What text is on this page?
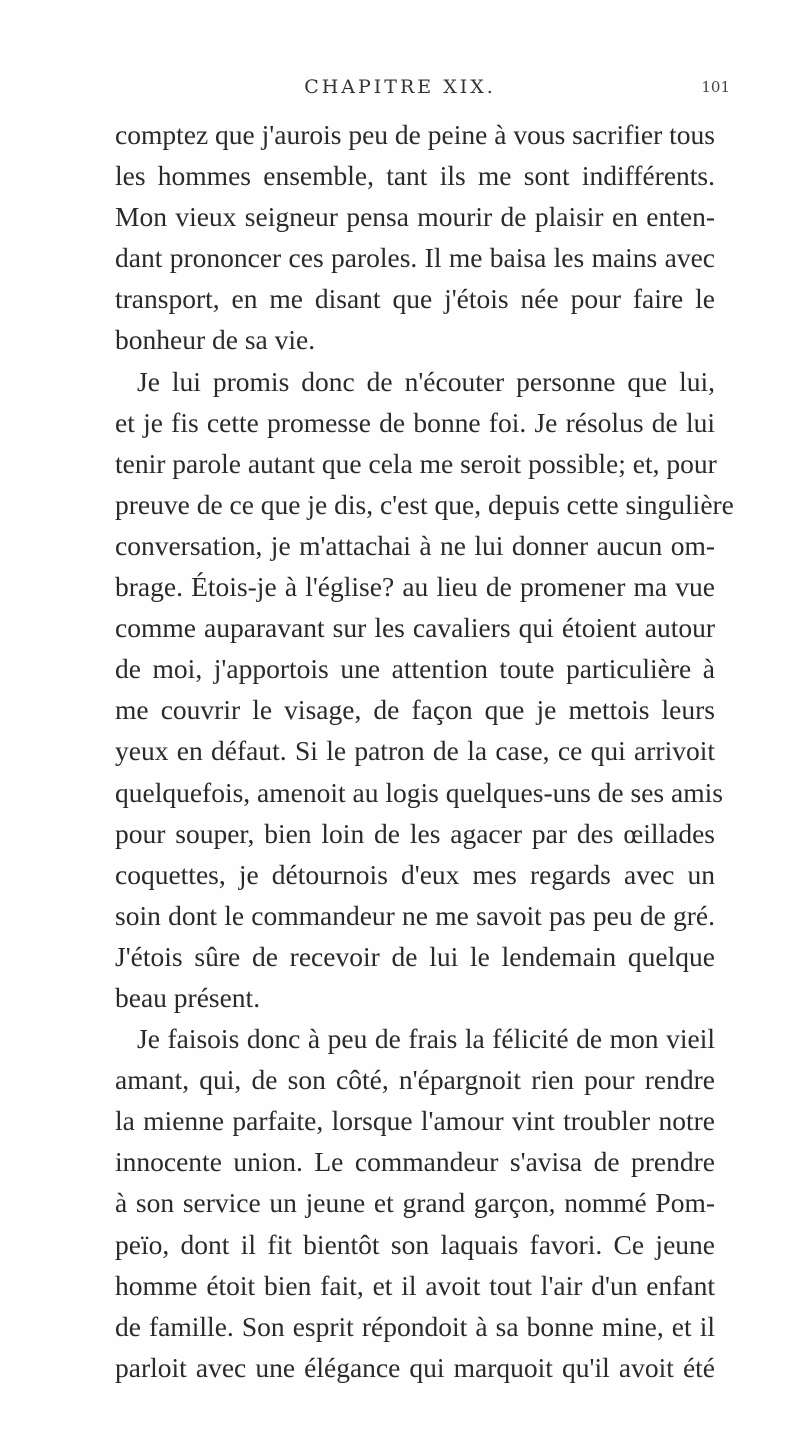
CHAPITRE XIX.	101
comptez que j'aurois peu de peine à vous sacrifier tous
les hommes ensemble, tant ils me sont indifférents.
Mon vieux seigneur pensa mourir de plaisir en enten-
dant prononcer ces paroles. Il me baisa les mains avec
transport, en me disant que j'étois née pour faire le
bonheur de sa vie.
Je lui promis donc de n'écouter personne que lui,
et je fis cette promesse de bonne foi. Je résolus de lui
tenir parole autant que cela me seroit possible; et, pour
preuve de ce que je dis, c'est que, depuis cette singulière
conversation, je m'attachai à ne lui donner aucun om-
brage. Étois-je à l'église? au lieu de promener ma vue
comme auparavant sur les cavaliers qui étoient autour
de moi, j'apportois une attention toute particulière à
me couvrir le visage, de façon que je mettois leurs
yeux en défaut. Si le patron de la case, ce qui arrivoit
quelquefois, amenoit au logis quelques-uns de ses amis
pour souper, bien loin de les agacer par des œillades
coquettes, je détournois d'eux mes regards avec un
soin dont le commandeur ne me savoit pas peu de gré.
J'étois sûre de recevoir de lui le lendemain quelque
beau présent.
Je faisois donc à peu de frais la félicité de mon vieil
amant, qui, de son côté, n'épargnoit rien pour rendre
la mienne parfaite, lorsque l'amour vint troubler notre
innocente union. Le commandeur s'avisa de prendre
à son service un jeune et grand garçon, nommé Pom-
peïo, dont il fit bientôt son laquais favori. Ce jeune
homme étoit bien fait, et il avoit tout l'air d'un enfant
de famille. Son esprit répondoit à sa bonne mine, et il
parloit avec une élégance qui marquoit qu'il avoit été
